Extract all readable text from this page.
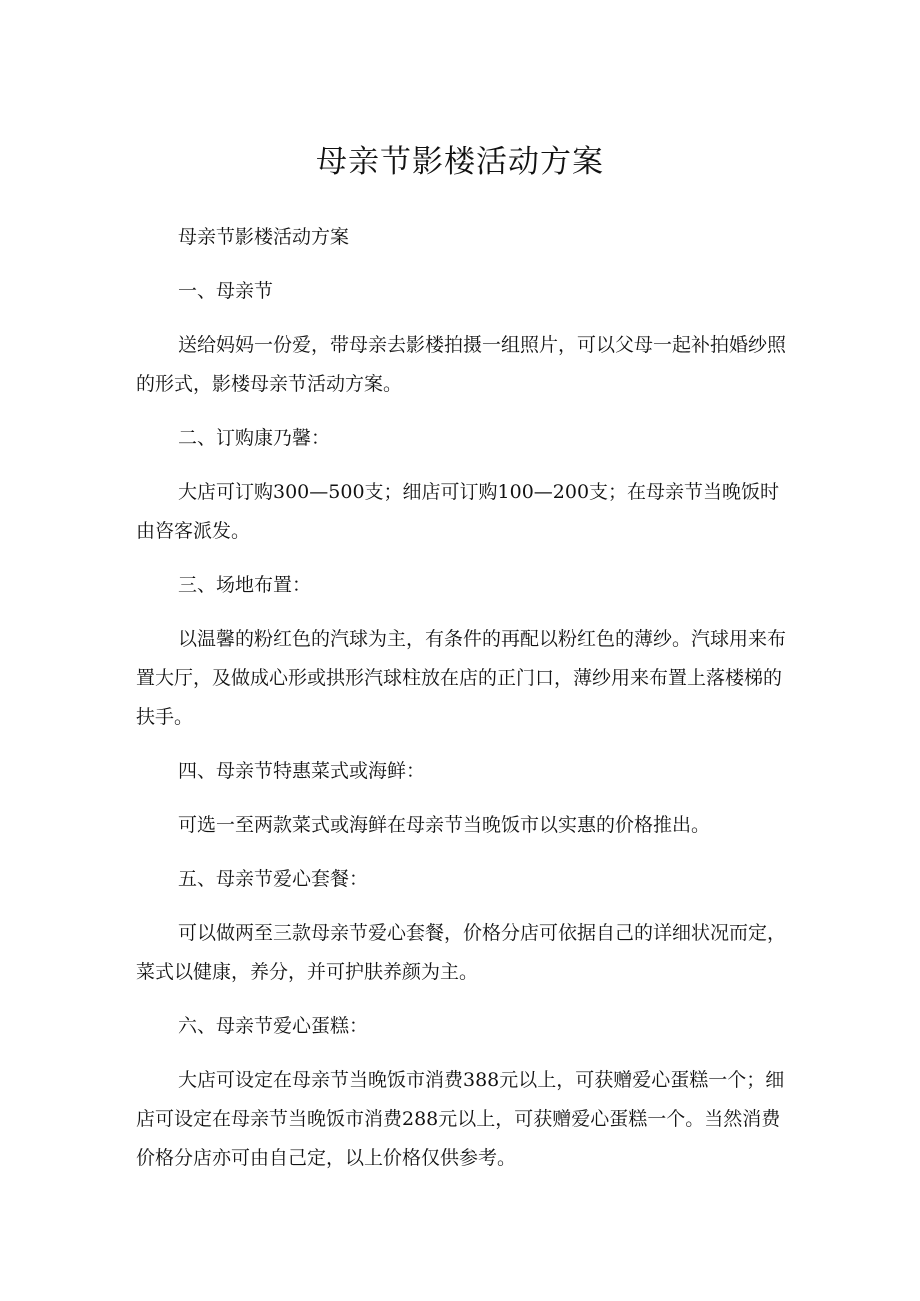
母亲节影楼活动方案

母亲节影楼活动方案

一、母亲节

送给妈妈一份爱，带母亲去影楼拍摄一组照片，可以父母一起补拍婚纱照的形式，影楼母亲节活动方案。

二、订购康乃馨：

大店可订购300—500支；细店可订购100—200支；在母亲节当晚饭时由咨客派发。

三、场地布置：

以温馨的粉红色的汽球为主，有条件的再配以粉红色的薄纱。汽球用来布置大厅，及做成心形或拱形汽球柱放在店的正门口，薄纱用来布置上落楼梯的扶手。

四、母亲节特惠菜式或海鲜：

可选一至两款菜式或海鲜在母亲节当晚饭市以实惠的价格推出。

五、母亲节爱心套餐：

可以做两至三款母亲节爱心套餐，价格分店可依据自己的详细状况而定，菜式以健康，养分，并可护肤养颜为主。

六、母亲节爱心蛋糕：

大店可设定在母亲节当晚饭市消费388元以上，可获赠爱心蛋糕一个；细店可设定在母亲节当晚饭市消费288元以上，可获赠爱心蛋糕一个。当然消费价格分店亦可由自己定，以上价格仅供参考。
